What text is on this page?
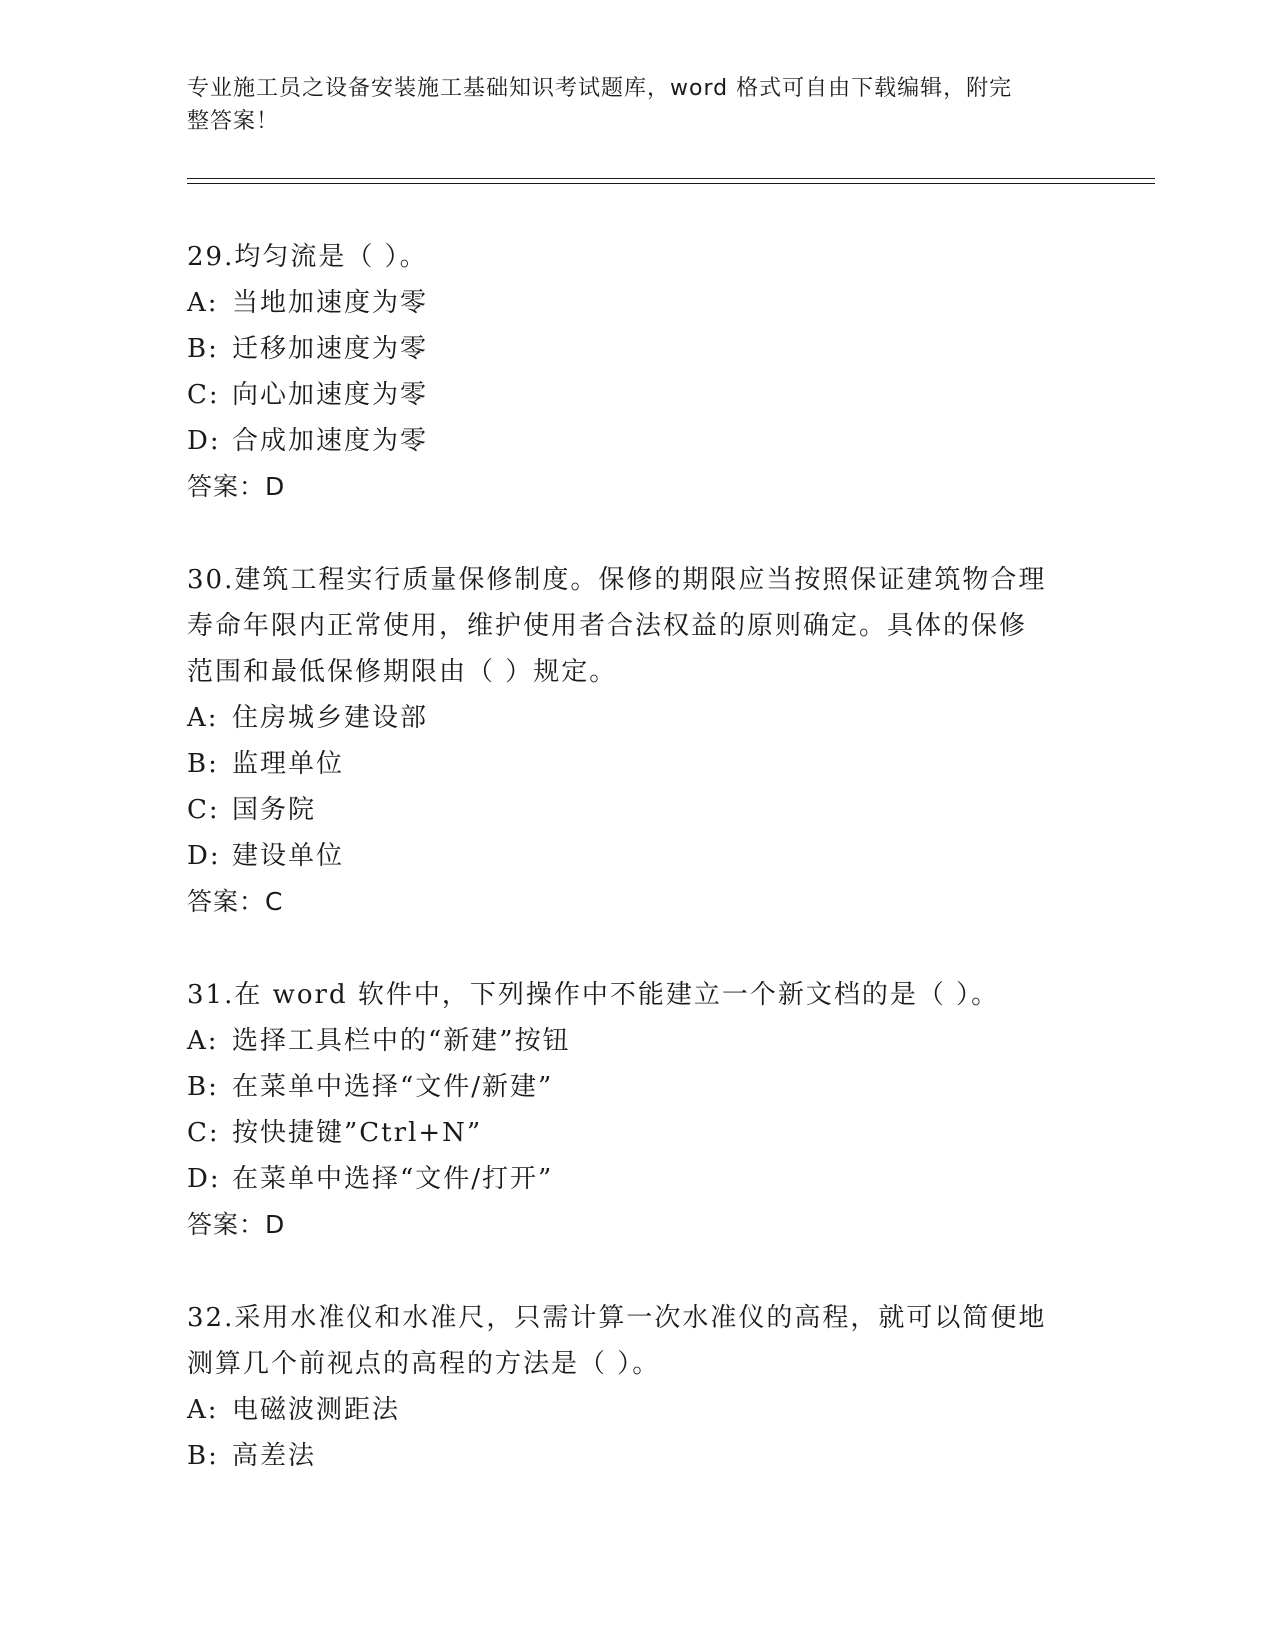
专业施工员之设备安装施工基础知识考试题库，word 格式可自由下载编辑，附完
整答案！
29.均匀流是（ ）。
A: 当地加速度为零
B: 迁移加速度为零
C: 向心加速度为零
D: 合成加速度为零
答案：D
30.建筑工程实行质量保修制度。保修的期限应当按照保证建筑物合理
寿命年限内正常使用，维护使用者合法权益的原则确定。具体的保修
范围和最低保修期限由（ ）规定。
A: 住房城乡建设部
B: 监理单位
C: 国务院
D: 建设单位
答案：C
31.在 word 软件中，下列操作中不能建立一个新文档的是（ ）。
A: 选择工具栏中的“新建”按钮
B: 在菜单中选择“文件/新建”
C: 按快捷键”Ctrl+N”
D: 在菜单中选择“文件/打开”
答案：D
32.采用水准仪和水准尺，只需计算一次水准仪的高程，就可以简便地
测算几个前视点的高程的方法是（ ）。
A: 电磁波测距法
B: 高差法
